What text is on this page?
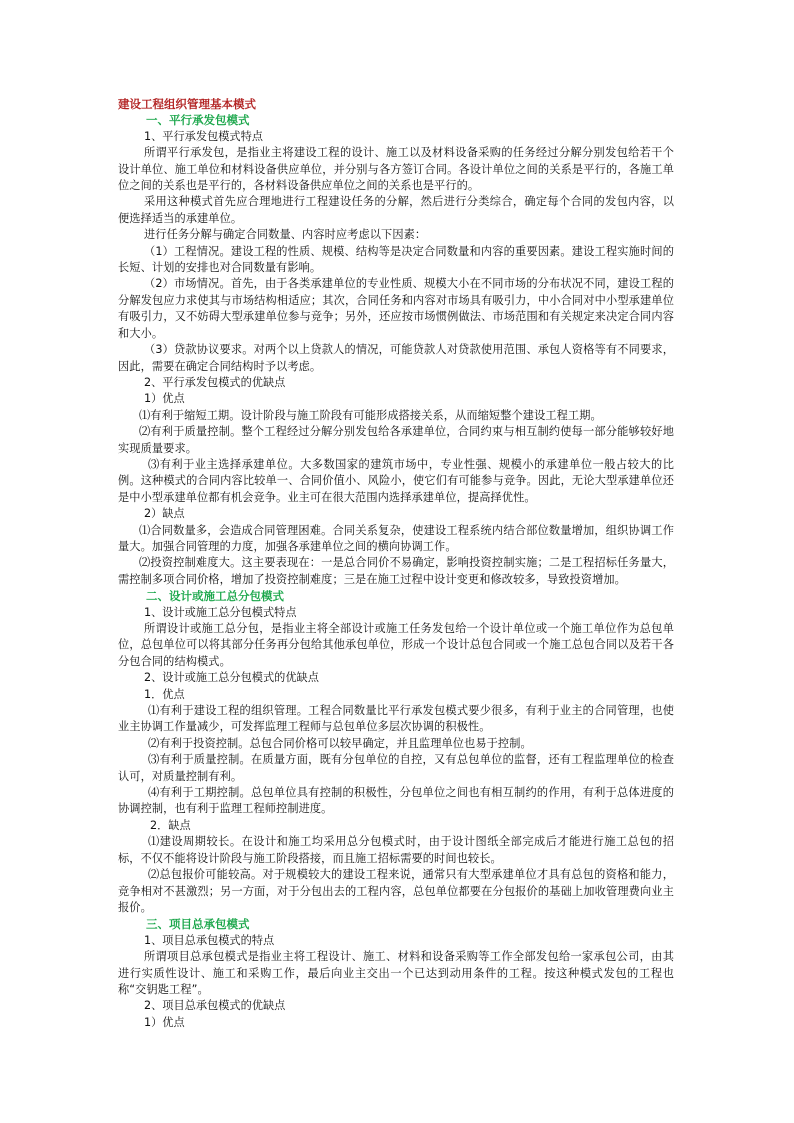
建设工程组织管理基本模式

一、平行承发包模式

1、平行承发包模式特点

所谓平行承发包，是指业主将建设工程的设计、施工以及材料设备采购的任务经过分解分别发包给若干个设计单位、施工单位和材料设备供应单位，并分别与各方签订合同。各设计单位之间的关系是平行的，各施工单位之间的关系也是平行的，各材料设备供应单位之间的关系也是平行的。

采用这种模式首先应合理地进行工程建设任务的分解，然后进行分类综合，确定每个合同的发包内容，以便选择适当的承建单位。

进行任务分解与确定合同数量、内容时应考虑以下因素：

（1）工程情况。建设工程的性质、规模、结构等是决定合同数量和内容的重要因素。建设工程实施时间的长短、计划的安排也对合同数量有影响。

（2）市场情况。首先，由于各类承建单位的专业性质、规模大小在不同市场的分布状况不同，建设工程的分解发包应力求使其与市场结构相适应；其次，合同任务和内容对市场具有吸引力，中小合同对中小型承建单位有吸引力，又不妨碍大型承建单位参与竞争；另外，还应按市场惯例做法、市场范围和有关规定来决定合同内容和大小。

（3）贷款协议要求。对两个以上贷款人的情况，可能贷款人对贷款使用范围、承包人资格等有不同要求，因此，需要在确定合同结构时予以考虑。

2、平行承发包模式的优缺点

1）优点

⑴有利于缩短工期。设计阶段与施工阶段有可能形成搭接关系，从而缩短整个建设工程工期。

⑵有利于质量控制。整个工程经过分解分别发包给各承建单位，合同约束与相互制约使每一部分能够较好地实现质量要求。

⑶有利于业主选择承建单位。大多数国家的建筑市场中，专业性强、规模小的承建单位一般占较大的比例。这种模式的合同内容比较单一、合同价值小、风险小，使它们有可能参与竞争。因此，无论大型承建单位还是中小型承建单位都有机会竞争。业主可在很大范围内选择承建单位，提高择优性。

2）缺点

⑴合同数量多，会造成合同管理困难。合同关系复杂，使建设工程系统内结合部位数量增加，组织协调工作量大。加强合同管理的力度，加强各承建单位之间的横向协调工作。

⑵投资控制难度大。这主要表现在：一是总合同价不易确定，影响投资控制实施；二是工程招标任务量大，需控制多项合同价格，增加了投资控制难度；三是在施工过程中设计变更和修改较多，导致投资增加。

二、设计或施工总分包模式

1、设计或施工总分包模式特点

所谓设计或施工总分包，是指业主将全部设计或施工任务发包给一个设计单位或一个施工单位作为总包单位，总包单位可以将其部分任务再分包给其他承包单位，形成一个设计总包合同或一个施工总包合同以及若干各分包合同的结构模式。

2、设计或施工总分包模式的优缺点

1．优点

⑴有利于建设工程的组织管理。工程合同数量比平行承发包模式要少很多，有利于业主的合同管理，也使业主协调工作量减少，可发挥监理工程师与总包单位多层次协调的积极性。

⑵有利于投资控制。总包合同价格可以较早确定，并且监理单位也易于控制。

⑶有利于质量控制。在质量方面，既有分包单位的自控，又有总包单位的监督，还有工程监理单位的检查认可，对质量控制有利。

⑷有利于工期控制。总包单位具有控制的积极性，分包单位之间也有相互制约的作用，有利于总体进度的协调控制，也有利于监理工程师控制进度。

2．缺点

⑴建设周期较长。在设计和施工均采用总分包模式时，由于设计图纸全部完成后才能进行施工总包的招标，不仅不能将设计阶段与施工阶段搭接，而且施工招标需要的时间也较长。

⑵总包报价可能较高。对于规模较大的建设工程来说，通常只有大型承建单位才具有总包的资格和能力，竞争相对不甚激烈；另一方面，对于分包出去的工程内容，总包单位都要在分包报价的基础上加收管理费向业主报价。

三、项目总承包模式

1、项目总承包模式的特点

所谓项目总承包模式是指业主将工程设计、施工、材料和设备采购等工作全部发包给一家承包公司，由其进行实质性设计、施工和采购工作，最后向业主交出一个已达到动用条件的工程。按这种模式发包的工程也称“交钥匙工程”。

2、项目总承包模式的优缺点

1）优点
